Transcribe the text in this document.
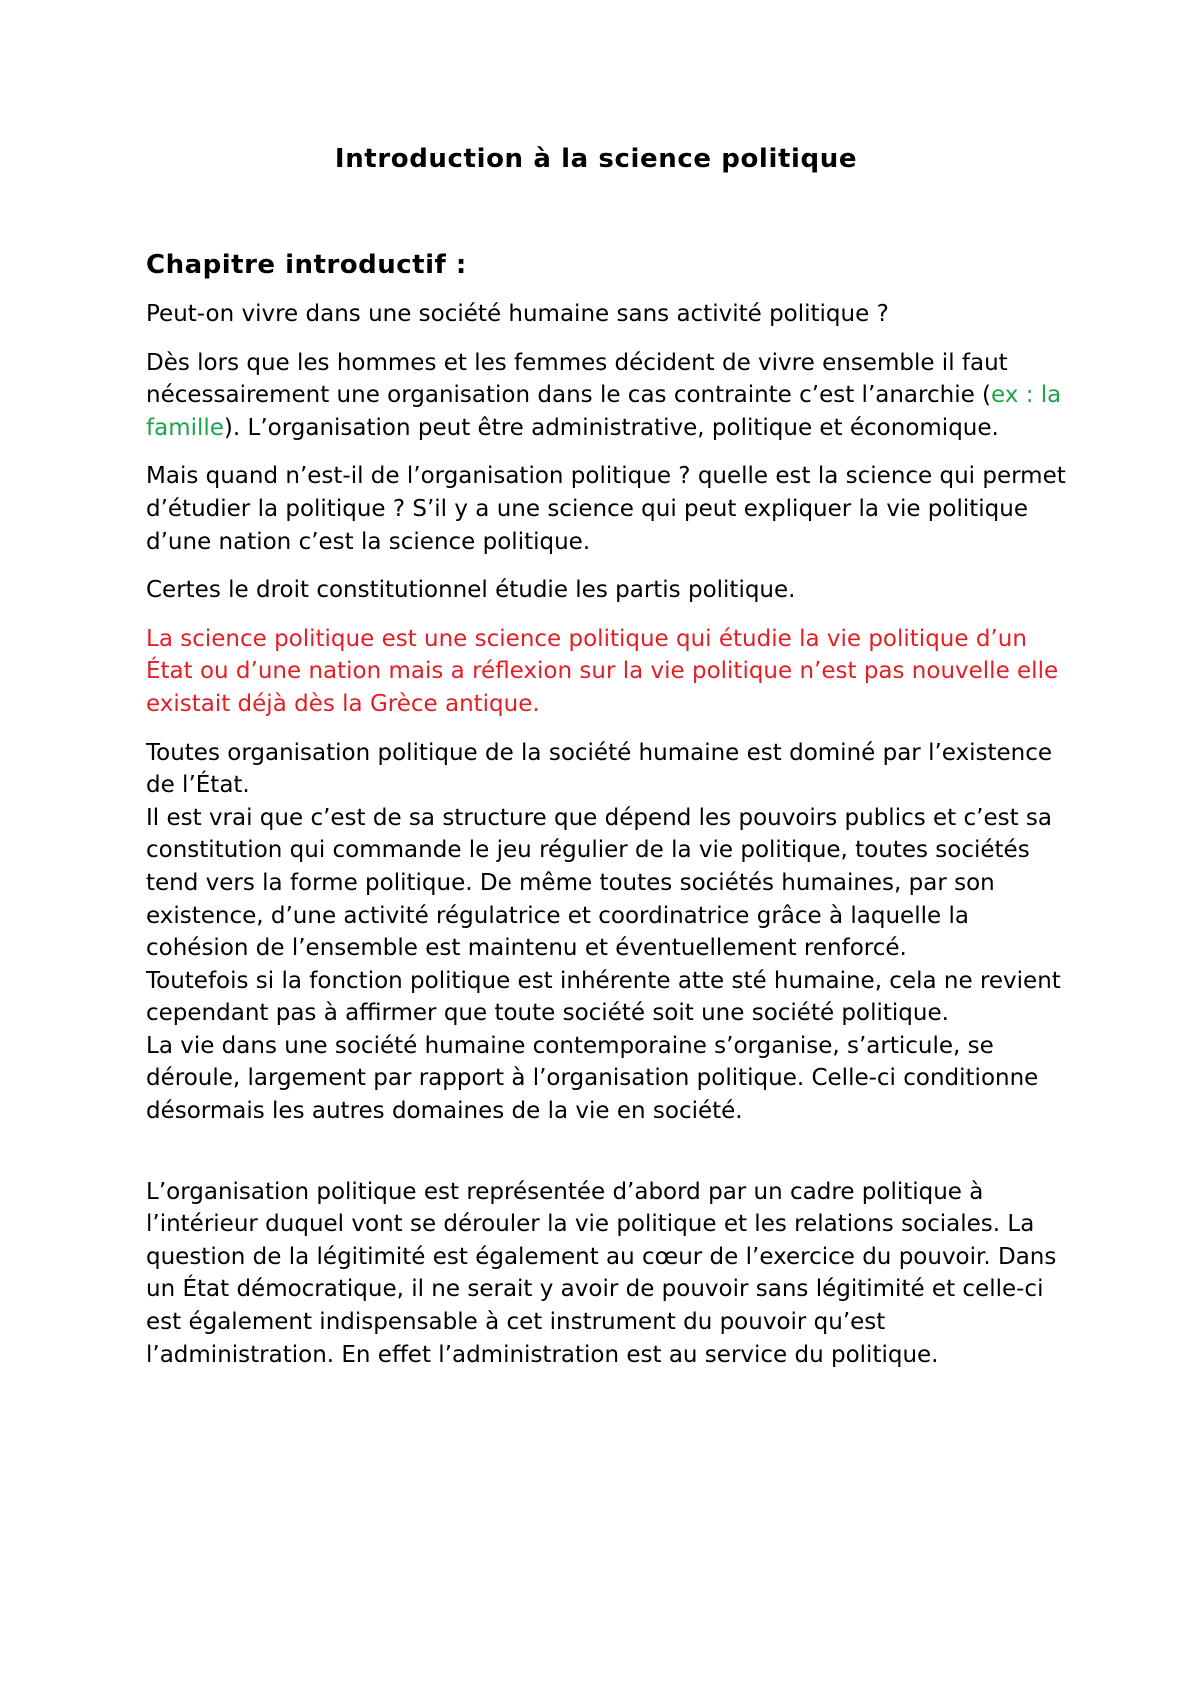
Introduction à la science politique
Chapitre introductif :

Peut-on vivre dans une société humaine sans activité politique ?

Dès lors que les hommes et les femmes décident de vivre ensemble il faut nécessairement une organisation dans le cas contrainte c’est l’anarchie (ex : la famille). L’organisation peut être administrative, politique et économique.

Mais quand n’est-il de l’organisation politique ? quelle est la science qui permet d’étudier la politique ? S’il y a une science qui peut expliquer la vie politique d’une nation c’est la science politique.

Certes le droit constitutionnel étudie les partis politique.

La science politique est une science politique qui étudie la vie politique d’un État ou d’une nation mais a réflexion sur la vie politique n’est pas nouvelle elle existait déjà dès la Grèce antique.

Toutes organisation politique de la société humaine est dominé par l’existence de l’État.
Il est vrai que c’est de sa structure que dépend les pouvoirs publics et c’est sa constitution qui commande le jeu régulier de la vie politique, toutes sociétés tend vers la forme politique. De même toutes sociétés humaines, par son existence, d’une activité régulatrice et coordinatrice grâce à laquelle la cohésion de l’ensemble est maintenu et éventuellement renforcé.
Toutefois si la fonction politique est inhérente atte sté humaine, cela ne revient cependant pas à affirmer que toute société soit une société politique.
La vie dans une société humaine contemporaine s’organise, s’articule, se déroule, largement par rapport à l’organisation politique. Celle-ci conditionne désormais les autres domaines de la vie en société.

L’organisation politique est représentée d’abord par un cadre politique à l’intérieur duquel vont se dérouler la vie politique et les relations sociales. La question de la légitimité est également au cœur de l’exercice du pouvoir. Dans un État démocratique, il ne serait y avoir de pouvoir sans légitimité et celle-ci est également indispensable à cet instrument du pouvoir qu’est l’administration. En effet l’administration est au service du politique.
